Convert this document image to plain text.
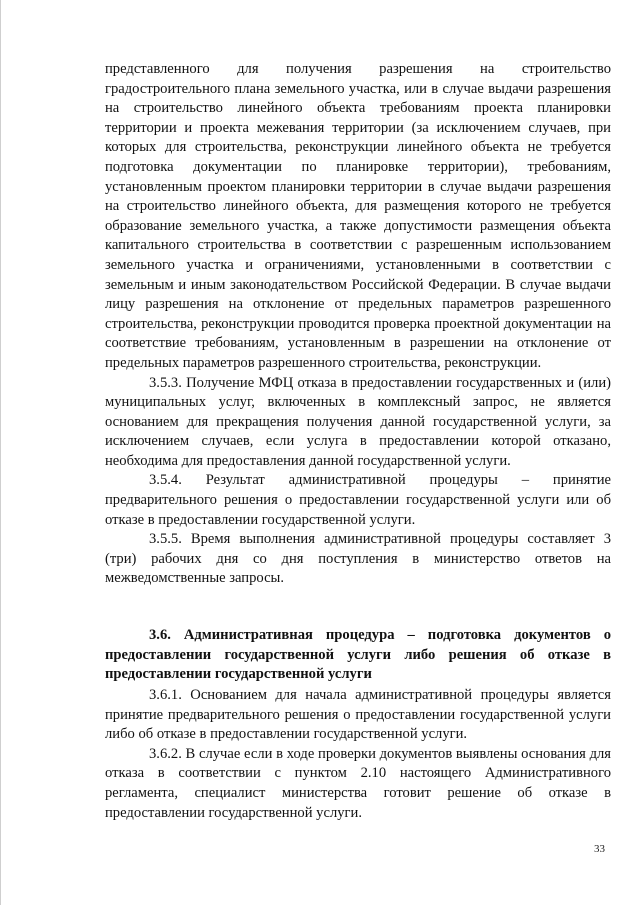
представленного для получения разрешения на строительство градостроительного плана земельного участка, или в случае выдачи разрешения на строительство линейного объекта требованиям проекта планировки территории и проекта межевания территории (за исключением случаев, при которых для строительства, реконструкции линейного объекта не требуется подготовка документации по планировке территории), требованиям, установленным проектом планировки территории в случае выдачи разрешения на строительство линейного объекта, для размещения которого не требуется образование земельного участка, а также допустимости размещения объекта капитального строительства в соответствии с разрешенным использованием земельного участка и ограничениями, установленными в соответствии с земельным и иным законодательством Российской Федерации. В случае выдачи лицу разрешения на отклонение от предельных параметров разрешенного строительства, реконструкции проводится проверка проектной документации на соответствие требованиям, установленным в разрешении на отклонение от предельных параметров разрешенного строительства, реконструкции.

3.5.3. Получение МФЦ отказа в предоставлении государственных и (или) муниципальных услуг, включенных в комплексный запрос, не является основанием для прекращения получения данной государственной услуги, за исключением случаев, если услуга в предоставлении которой отказано, необходима для предоставления данной государственной услуги.

3.5.4. Результат административной процедуры – принятие предварительного решения о предоставлении государственной услуги или об отказе в предоставлении государственной услуги.

3.5.5. Время выполнения административной процедуры составляет 3 (три) рабочих дня со дня поступления в министерство ответов на межведомственные запросы.

3.6. Административная процедура – подготовка документов о предоставлении государственной услуги либо решения об отказе в предоставлении государственной услуги

3.6.1. Основанием для начала административной процедуры является принятие предварительного решения о предоставлении государственной услуги либо об отказе в предоставлении государственной услуги.

3.6.2. В случае если в ходе проверки документов выявлены основания для отказа в соответствии с пунктом 2.10 настоящего Административного регламента, специалист министерства готовит решение об отказе в предоставлении государственной услуги.

33
